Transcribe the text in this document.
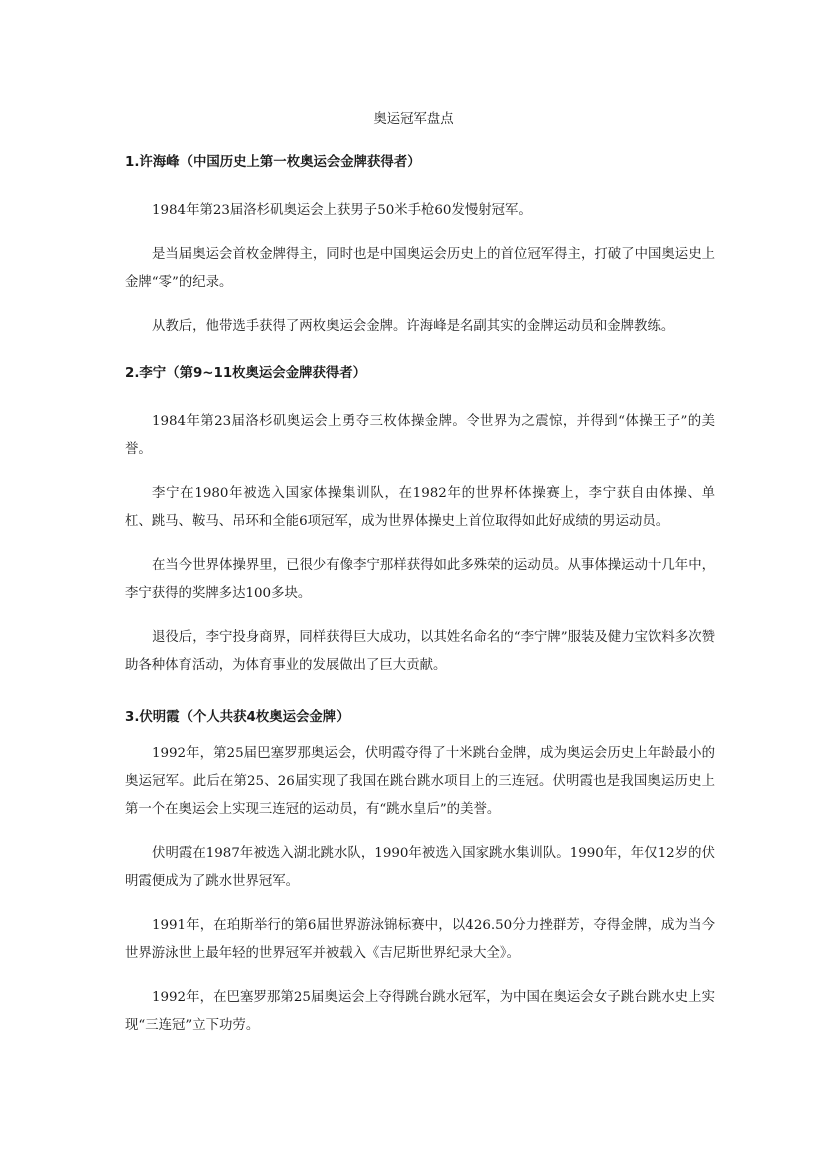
奥运冠军盘点
1.许海峰（中国历史上第一枚奥运会金牌获得者）
1984年第23届洛杉矶奥运会上获男子50米手枪60发慢射冠军。
是当届奥运会首枚金牌得主，同时也是中国奥运会历史上的首位冠军得主，打破了中国奥运史上金牌“零”的纪录。
从教后，他带选手获得了两枚奥运会金牌。许海峰是名副其实的金牌运动员和金牌教练。
2.李宁（第9~11枚奥运会金牌获得者）
1984年第23届洛杉矶奥运会上勇夺三枚体操金牌。令世界为之震惊，并得到“体操王子”的美誉。
李宁在1980年被选入国家体操集训队，在1982年的世界杯体操赛上，李宁获自由体操、单杠、跳马、鞍马、吊环和全能6项冠军，成为世界体操史上首位取得如此好成绩的男运动员。
在当今世界体操界里，已很少有像李宁那样获得如此多殊荣的运动员。从事体操运动十几年中，李宁获得的奖牌多达100多块。
退役后，李宁投身商界，同样获得巨大成功，以其姓名命名的“李宁牌”服装及健力宝饮料多次赞助各种体育活动，为体育事业的发展做出了巨大贡献。
3.伏明霞（个人共获4枚奥运会金牌）
1992年，第25届巴塞罗那奥运会，伏明霞夺得了十米跳台金牌，成为奥运会历史上年龄最小的奥运冠军。此后在第25、26届实现了我国在跳台跳水项目上的三连冠。伏明霞也是我国奥运历史上第一个在奥运会上实现三连冠的运动员，有“跳水皇后”的美誉。
伏明霞在1987年被选入湖北跳水队，1990年被选入国家跳水集训队。1990年，年仅12岁的伏明霞便成为了跳水世界冠军。
1991年，在珀斯举行的第6届世界游泳锦标赛中，以426.50分力挫群芳，夺得金牌，成为当今世界游泳世上最年轻的世界冠军并被载入《吉尼斯世界纪录大全》。
1992年，在巴塞罗那第25届奥运会上夺得跳台跳水冠军，为中国在奥运会女子跳台跳水史上实现“三连冠”立下功劳。
